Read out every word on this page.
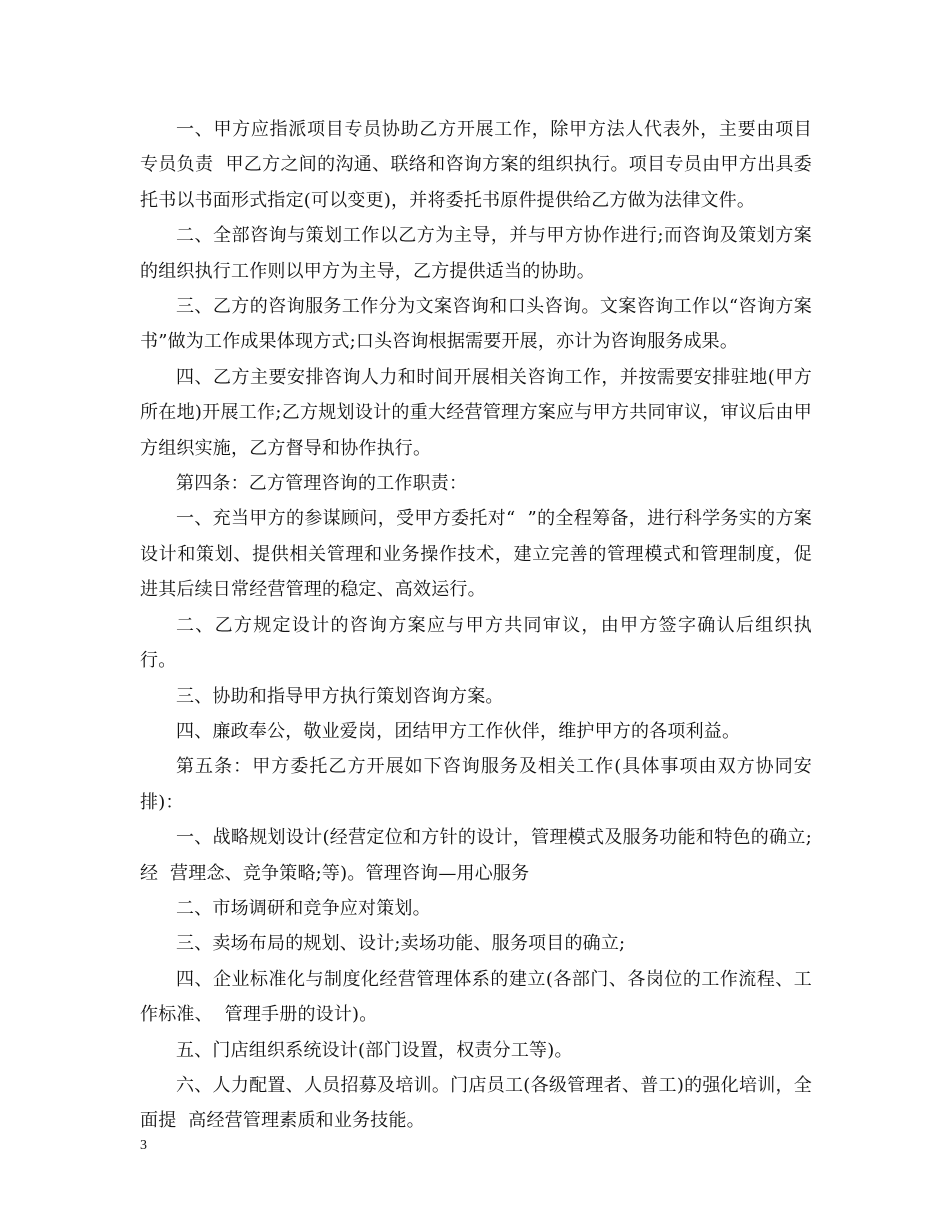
一、甲方应指派项目专员协助乙方开展工作，除甲方法人代表外，主要由项目专员负责  甲乙方之间的沟通、联络和咨询方案的组织执行。项目专员由甲方出具委托书以书面形式指定(可以变更)，并将委托书原件提供给乙方做为法律文件。

二、全部咨询与策划工作以乙方为主导，并与甲方协作进行;而咨询及策划方案的组织执行工作则以甲方为主导，乙方提供适当的协助。

三、乙方的咨询服务工作分为文案咨询和口头咨询。文案咨询工作以“咨询方案书”做为工作成果体现方式;口头咨询根据需要开展，亦计为咨询服务成果。

四、乙方主要安排咨询人力和时间开展相关咨询工作，并按需要安排驻地(甲方所在地)开展工作;乙方规划设计的重大经营管理方案应与甲方共同审议，审议后由甲方组织实施，乙方督导和协作执行。

第四条：乙方管理咨询的工作职责：

一、充当甲方的参谋顾问，受甲方委托对“  ”的全程筹备，进行科学务实的方案设计和策划、提供相关管理和业务操作技术，建立完善的管理模式和管理制度，促进其后续日常经营管理的稳定、高效运行。

二、乙方规定设计的咨询方案应与甲方共同审议，由甲方签字确认后组织执行。

三、协助和指导甲方执行策划咨询方案。

四、廉政奉公，敬业爱岗，团结甲方工作伙伴，维护甲方的各项利益。

第五条：甲方委托乙方开展如下咨询服务及相关工作(具体事项由双方协同安排)：

一、战略规划设计(经营定位和方针的设计，管理模式及服务功能和特色的确立;经  营理念、竞争策略;等)。管理咨询—用心服务

二、市场调研和竞争应对策划。

三、卖场布局的规划、设计;卖场功能、服务项目的确立;

四、企业标准化与制度化经营管理体系的建立(各部门、各岗位的工作流程、工作标准、  管理手册的设计)。

五、门店组织系统设计(部门设置，权责分工等)。

六、人力配置、人员招募及培训。门店员工(各级管理者、普工)的强化培训，全面提  高经营管理素质和业务技能。

3
